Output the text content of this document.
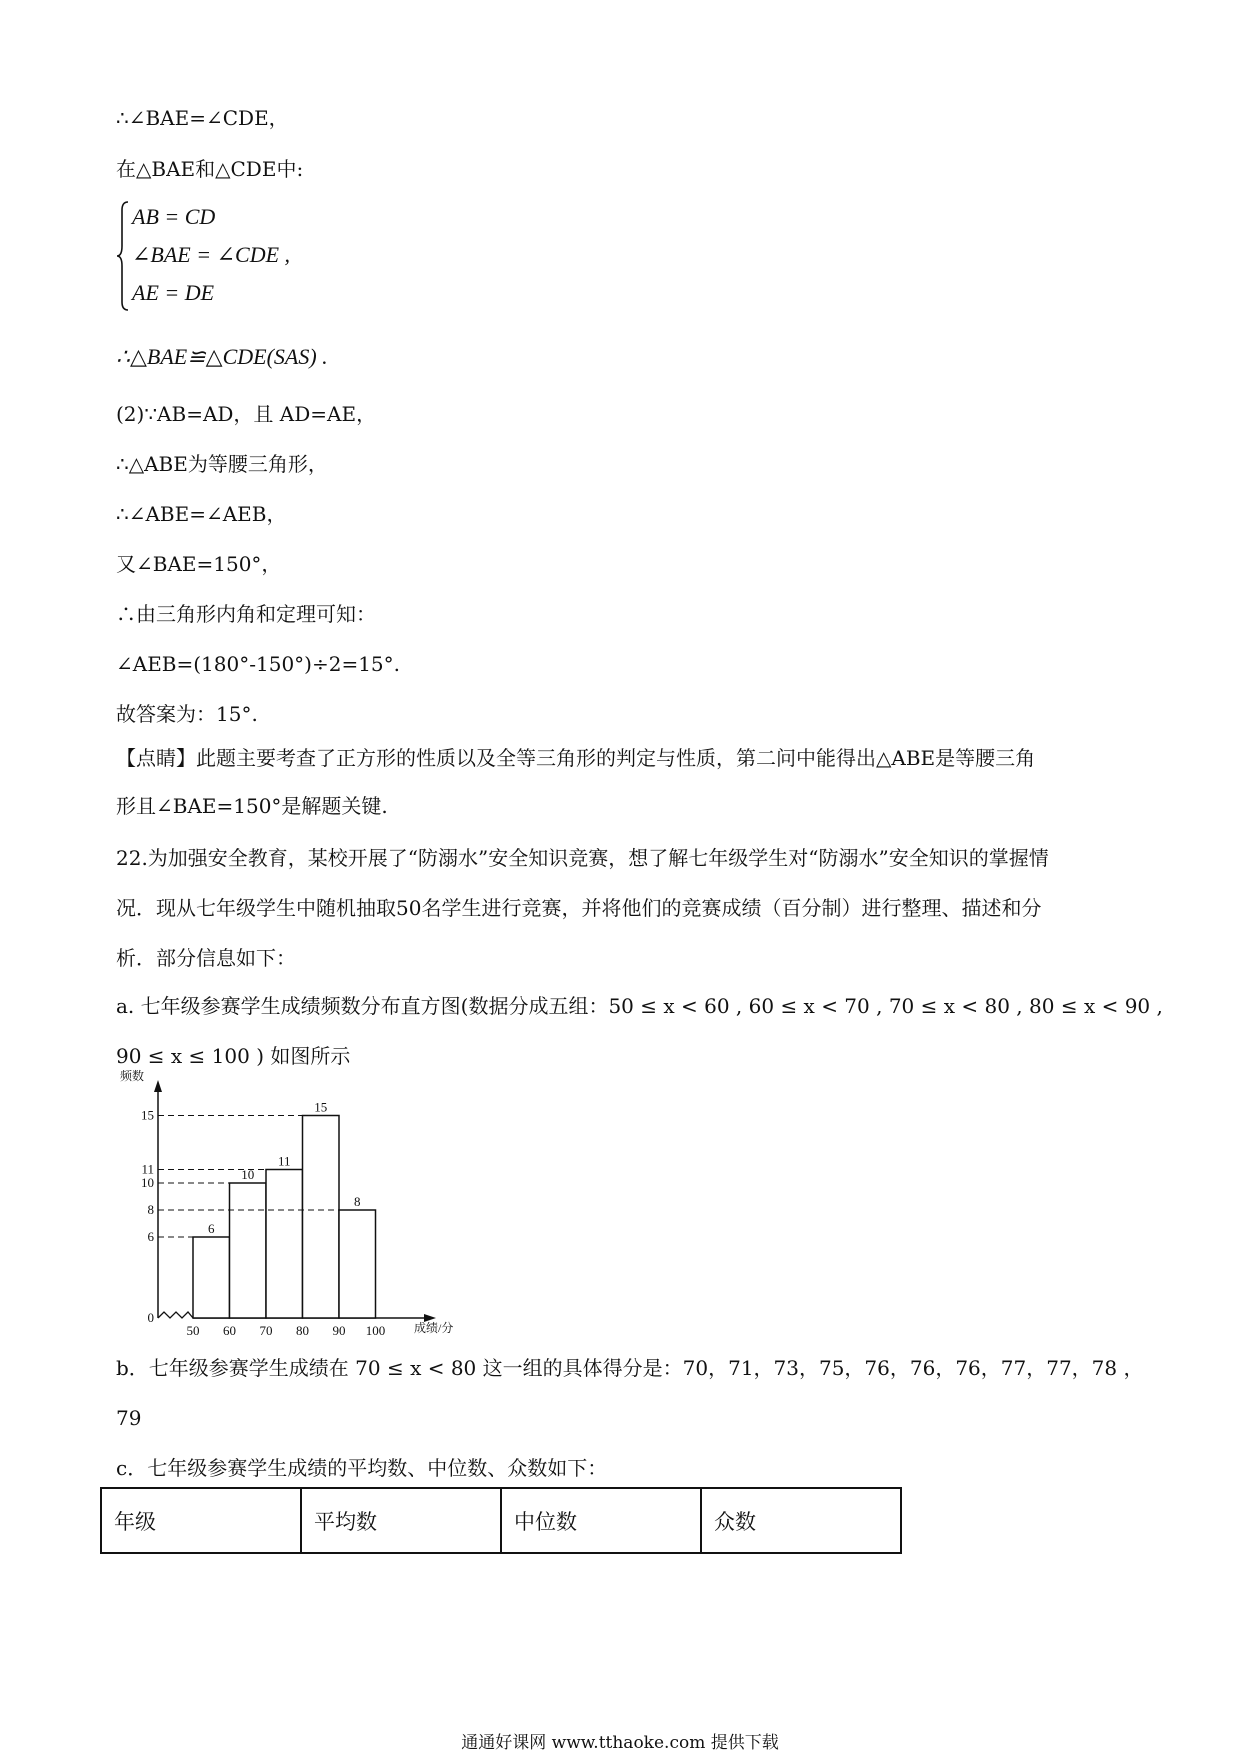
∴∠BAE=∠CDE，
在△BAE和△CDE中:
AB = CD
∠BAE = ∠CDE ,
AE = DE
∴△BAE≌△CDE(SAS) .
(2)∵AB=AD，且 AD=AE，
∴△ABE为等腰三角形，
∴∠ABE=∠AEB，
又∠BAE=150°，
∴由三角形内角和定理可知：
∠AEB=(180°-150°)÷2=15°.
故答案为：15°.
【点睛】此题主要考查了正方形的性质以及全等三角形的判定与性质，第二问中能得出△ABE是等腰三角
形且∠BAE=150°是解题关键.
22.为加强安全教育，某校开展了“防溺水”安全知识竞赛，想了解七年级学生对“防溺水”安全知识的掌握情
况．现从七年级学生中随机抽取50名学生进行竞赛，并将他们的竞赛成绩（百分制）进行整理、描述和分
析．部分信息如下：
a. 七年级参赛学生成绩频数分布直方图(数据分成五组：50 ≤ x < 60 , 60 ≤ x < 70 , 70 ≤ x < 80 , 80 ≤ x < 90 ,
90 ≤ x ≤ 100 ) 如图所示
6
10
11
15
8
0
6
8
10
11
15
50 60 70 80 90 100
频数
成绩/分
b．七年级参赛学生成绩在 70 ≤ x < 80 这一组的具体得分是：70，71，73，75，76，76，76，77，77，78 ，
79
c．七年级参赛学生成绩的平均数、中位数、众数如下：
年级	平均数	中位数	众数
通通好课网 www.tthaoke.com 提供下载
